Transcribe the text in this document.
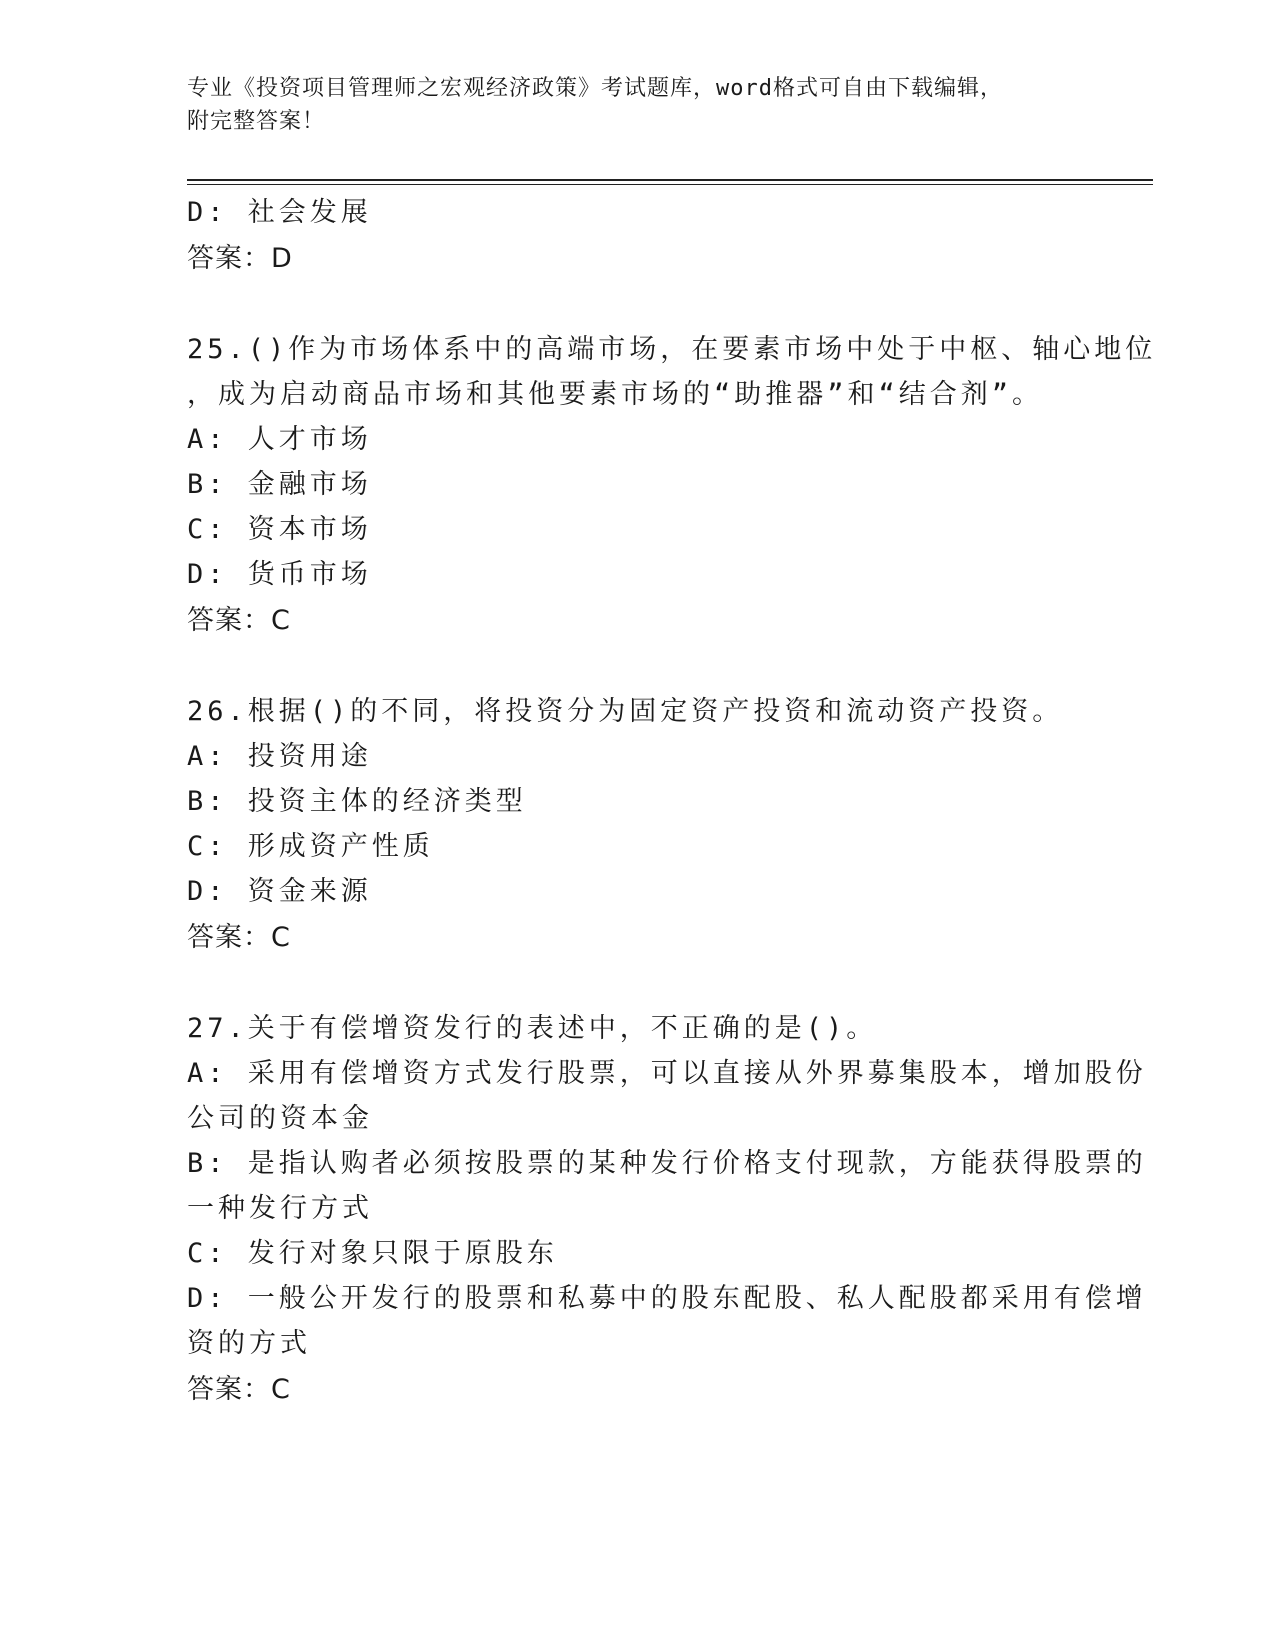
专业《投资项目管理师之宏观经济政策》考试题库，word格式可自由下载编辑，
附完整答案！
D: 社会发展
答案：D
25.()作为市场体系中的高端市场，在要素市场中处于中枢、轴心地位
，成为启动商品市场和其他要素市场的“助推器”和“结合剂”。
A: 人才市场
B: 金融市场
C: 资本市场
D: 货币市场
答案：C
26.根据()的不同，将投资分为固定资产投资和流动资产投资。
A: 投资用途
B: 投资主体的经济类型
C: 形成资产性质
D: 资金来源
答案：C
27.关于有偿增资发行的表述中，不正确的是()。
A: 采用有偿增资方式发行股票，可以直接从外界募集股本，增加股份
公司的资本金
B: 是指认购者必须按股票的某种发行价格支付现款，方能获得股票的
一种发行方式
C: 发行对象只限于原股东
D: 一般公开发行的股票和私募中的股东配股、私人配股都采用有偿增
资的方式
答案：C
